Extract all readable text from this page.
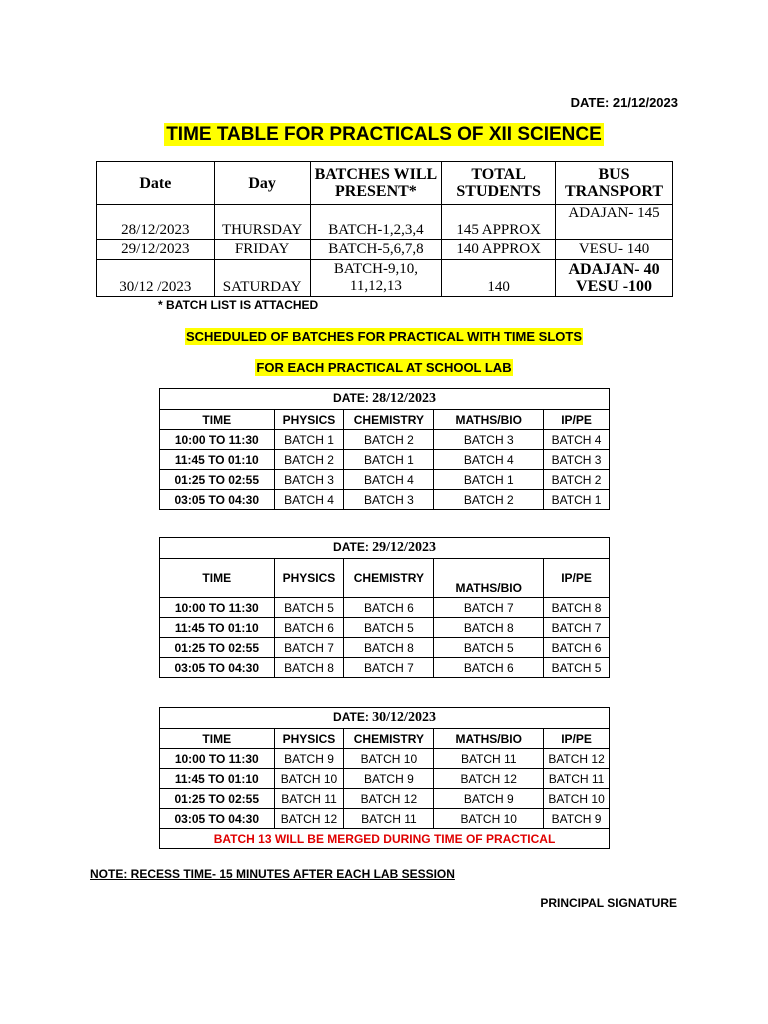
DATE: 21/12/2023
TIME TABLE FOR PRACTICALS OF XII SCIENCE
Date	Day	BATCHES WILL PRESENT*	TOTAL STUDENTS	BUS TRANSPORT
28/12/2023	THURSDAY	BATCH-1,2,3,4	145 APPROX	ADAJAN- 145
29/12/2023	FRIDAY	BATCH-5,6,7,8	140 APPROX	VESU- 140
30/12 /2023	SATURDAY	BATCH-9,10, 11,12,13	140	ADAJAN- 40 VESU -100
* BATCH LIST IS ATTACHED
SCHEDULED OF BATCHES FOR PRACTICAL WITH TIME SLOTS
FOR EACH PRACTICAL AT SCHOOL LAB
DATE: 28/12/2023				
TIME	PHYSICS	CHEMISTRY	MATHS/BIO	IP/PE
10:00 TO 11:30	BATCH 1	BATCH 2	BATCH 3	BATCH 4
11:45 TO 01:10	BATCH 2	BATCH 1	BATCH 4	BATCH 3
01:25 TO 02:55	BATCH 3	BATCH 4	BATCH 1	BATCH 2
03:05 TO 04:30	BATCH 4	BATCH 3	BATCH 2	BATCH 1
DATE: 29/12/2023				
TIME	PHYSICS	CHEMISTRY	MATHS/BIO	IP/PE
10:00 TO 11:30	BATCH 5	BATCH 6	BATCH 7	BATCH 8
11:45 TO 01:10	BATCH 6	BATCH 5	BATCH 8	BATCH 7
01:25 TO 02:55	BATCH 7	BATCH 8	BATCH 5	BATCH 6
03:05 TO 04:30	BATCH 8	BATCH 7	BATCH 6	BATCH 5
DATE: 30/12/2023				
TIME	PHYSICS	CHEMISTRY	MATHS/BIO	IP/PE
10:00 TO 11:30	BATCH 9	BATCH 10	BATCH 11	BATCH 12
11:45 TO 01:10	BATCH 10	BATCH 9	BATCH 12	BATCH 11
01:25 TO 02:55	BATCH 11	BATCH 12	BATCH 9	BATCH 10
03:05 TO 04:30	BATCH 12	BATCH 11	BATCH 10	BATCH 9
BATCH 13 WILL BE MERGED DURING TIME OF PRACTICAL				
NOTE: RECESS TIME- 15 MINUTES AFTER EACH LAB SESSION
PRINCIPAL SIGNATURE
